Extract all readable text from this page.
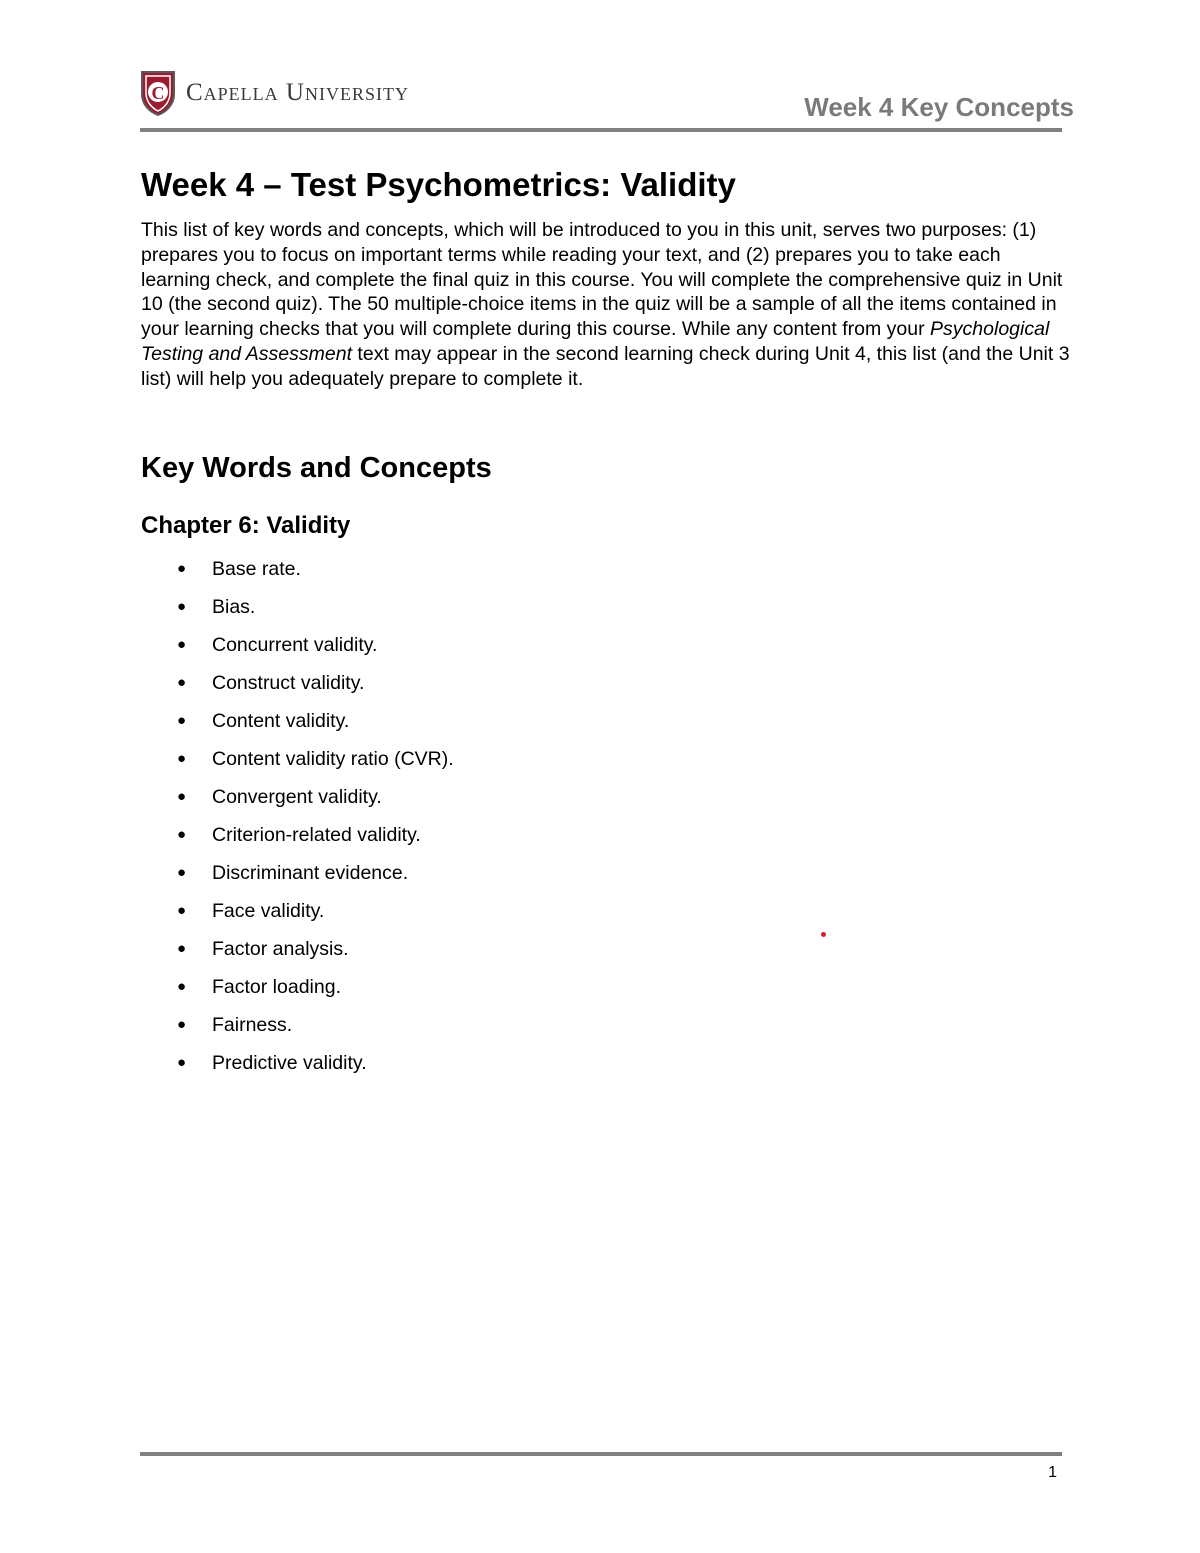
C Capella University	Week 4 Key Concepts
Week 4 – Test Psychometrics: Validity

This list of key words and concepts, which will be introduced to you in this unit, serves two purposes: (1) prepares you to focus on important terms while reading your text, and (2) prepares you to take each learning check, and complete the final quiz in this course. You will complete the comprehensive quiz in Unit 10 (the second quiz). The 50 multiple-choice items in the quiz will be a sample of all the items contained in your learning checks that you will complete during this course. While any content from your Psychological Testing and Assessment text may appear in the second learning check during Unit 4, this list (and the Unit 3 list) will help you adequately prepare to complete it.

Key Words and Concepts
Chapter 6: Validity
●	Base rate.
●	Bias.
●	Concurrent validity.
●	Construct validity.
●	Content validity.
●	Content validity ratio (CVR).
●	Convergent validity.
●	Criterion-related validity.
●	Discriminant evidence.
●	Face validity.
●	Factor analysis.
●	Factor loading.
●	Fairness.
●	Predictive validity.
1
